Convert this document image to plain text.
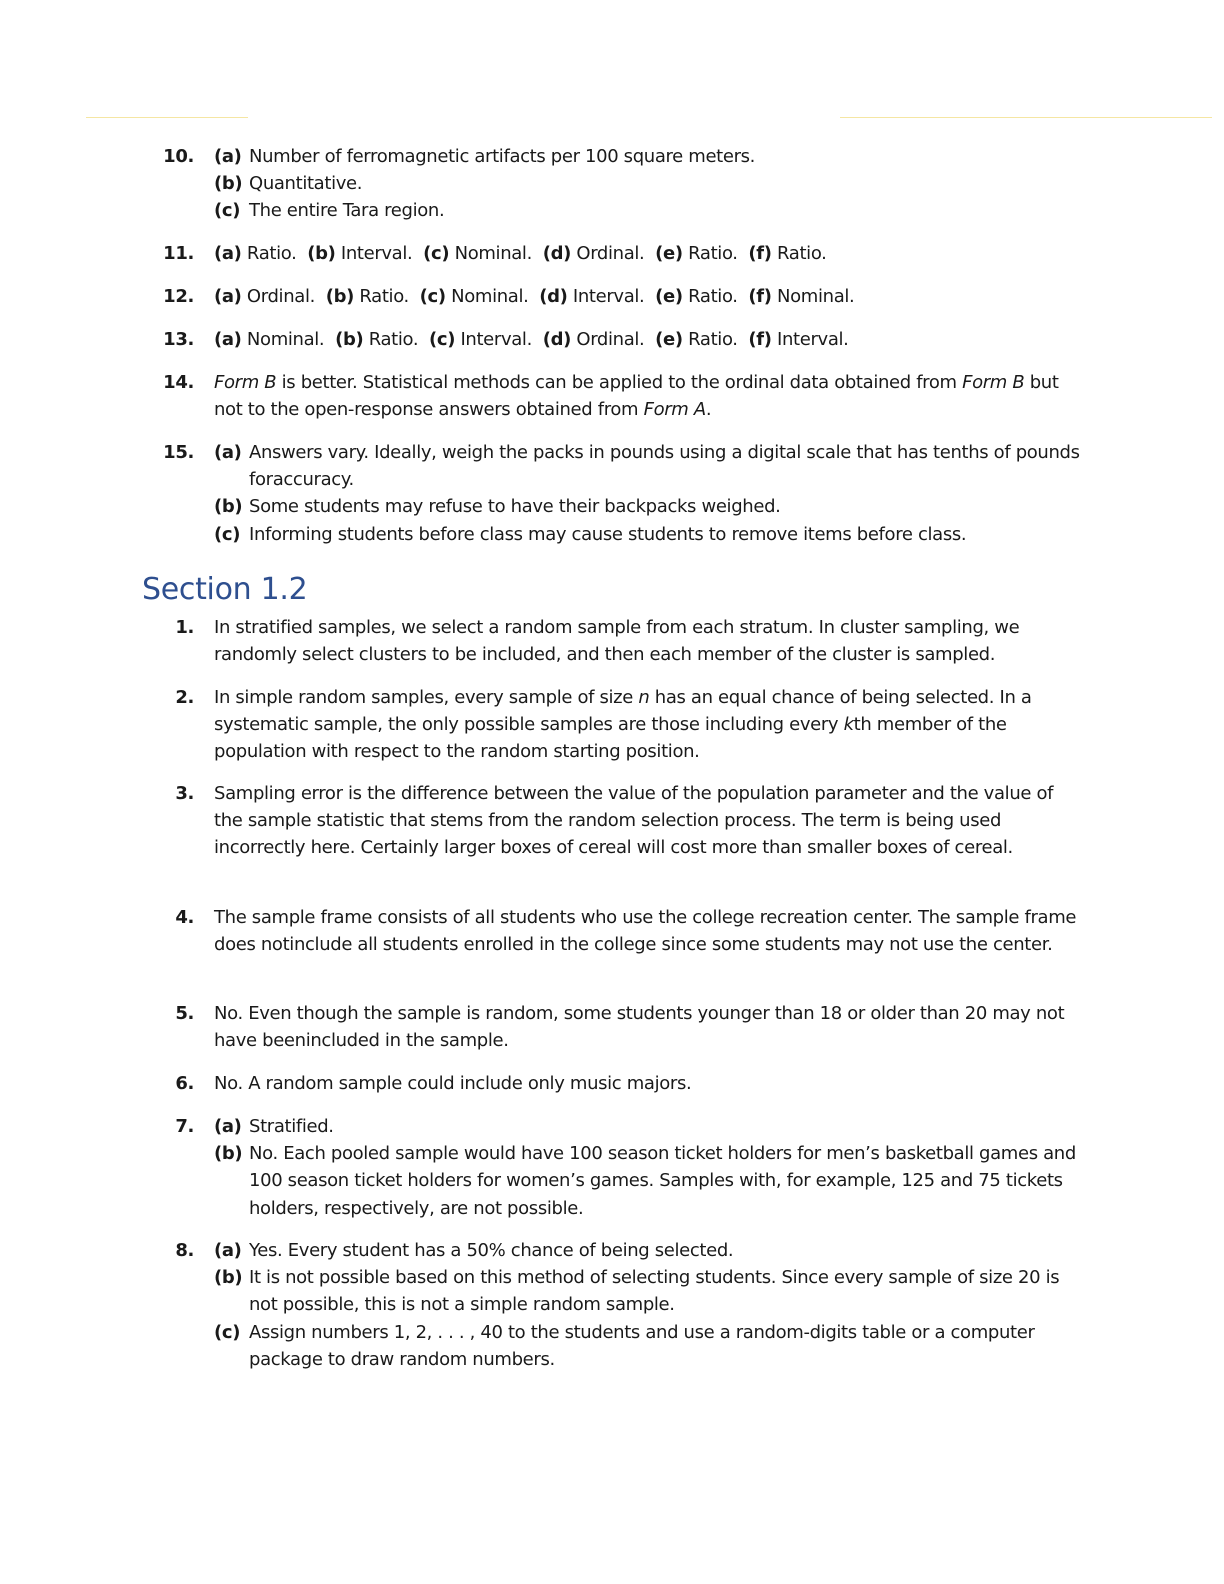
10. (a) Number of ferromagnetic artifacts per 100 square meters.
(b) Quantitative.
(c) The entire Tara region.
11. (a) Ratio.  (b) Interval.  (c) Nominal.  (d) Ordinal.  (e) Ratio.  (f) Ratio.
12. (a) Ordinal.  (b) Ratio.  (c) Nominal.  (d) Interval.  (e) Ratio.  (f) Nominal.
13. (a) Nominal.  (b) Ratio.  (c) Interval.  (d) Ordinal.  (e) Ratio.  (f) Interval.
14. Form B is better. Statistical methods can be applied to the ordinal data obtained from Form B but not to the open-response answers obtained from Form A.
15. (a) Answers vary. Ideally, weigh the packs in pounds using a digital scale that has tenths of pounds foraccuracy.
(b) Some students may refuse to have their backpacks weighed.
(c) Informing students before class may cause students to remove items before class.
Section 1.2
1. In stratified samples, we select a random sample from each stratum. In cluster sampling, we randomly select clusters to be included, and then each member of the cluster is sampled.
2. In simple random samples, every sample of size n has an equal chance of being selected. In a systematic sample, the only possible samples are those including every kth member of the population with respect to the random starting position.
3. Sampling error is the difference between the value of the population parameter and the value of the sample statistic that stems from the random selection process. The term is being used incorrectly here. Certainly larger boxes of cereal will cost more than smaller boxes of cereal.
4. The sample frame consists of all students who use the college recreation center. The sample frame does notinclude all students enrolled in the college since some students may not use the center.
5. No. Even though the sample is random, some students younger than 18 or older than 20 may not have beenincluded in the sample.
6. No. A random sample could include only music majors.
7. (a) Stratified.
(b) No. Each pooled sample would have 100 season ticket holders for men’s basketball games and 100 season ticket holders for women’s games. Samples with, for example, 125 and 75 tickets holders, respectively, are not possible.
8. (a) Yes. Every student has a 50% chance of being selected.
(b) It is not possible based on this method of selecting students. Since every sample of size 20 is not possible, this is not a simple random sample.
(c) Assign numbers 1, 2, . . . , 40 to the students and use a random-digits table or a computer package to draw random numbers.
